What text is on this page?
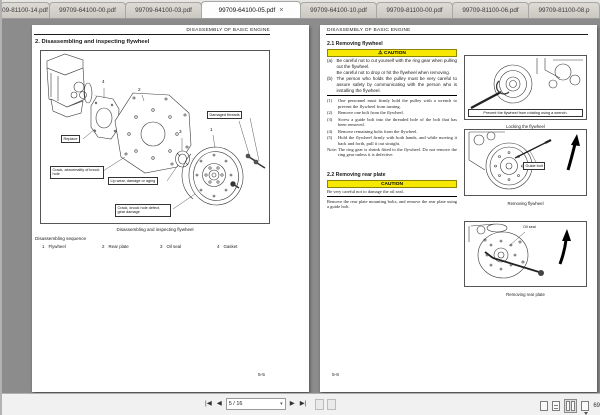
09-81100-14.pdf 99709-64100-00.pdf	99709-64100-03.pdf	99709-64100-05.pdf ×	99709-64100-10.pdf	99709-81100-00.pdf	99709-81100-06.pdf	99709-81100-08.p
DISASSEMBLY OF BASIC ENGINE
2. Disassembling and inspecting flywheel
Replace
Damaged threads
Crack, abnormality of knock hole
Lip wear, damage or aging
Crack, knock hole defect, gear damage
1
2
3
4
Disassembling and inspecting flywheel
Disassembling sequence
1 Flywheel	2 Rear plate	3 Oil seal	4 Gasket
5-5
DISASSEMBLY OF BASIC ENGINE
2.1 Removing flywheel
⚠ CAUTION
(a) Be careful not to cut yourself with the ring gear when pulling out the flywheel.
Be careful not to drop or hit the flywheel when removing.
(b) The person who holds the pulley must be very careful to assure safety by communicating with the person who is installing the flywheel.
(1) One personnel must firmly hold the pulley with a wrench to prevent the flywheel from turning.
(2) Remove one bolt from the flywheel.
(3) Screw a guide bolt into the threaded hole of the bolt that has been removed.
(4) Remove remaining bolts from the flywheel.
(5) Hold the flywheel firmly with both hands, and while moving it back and forth, pull it out straight.
Note: The ring gear is shrink fitted to the flywheel. Do not remove the ring gear unless it is defective.
2.2 Removing rear plate
CAUTION
Be very careful not to damage the oil seal.
Remove the rear plate mounting bolts, and remove the rear plate using a guide bolt.
Prevent the flywheel from rotating using a wrench.
Locking the flywheel
Guide bolt
Removing flywheel
Oil seal
Removing rear plate
5-6
|◀ ◀ 5 / 16	▾ ▶ ▶|	69
